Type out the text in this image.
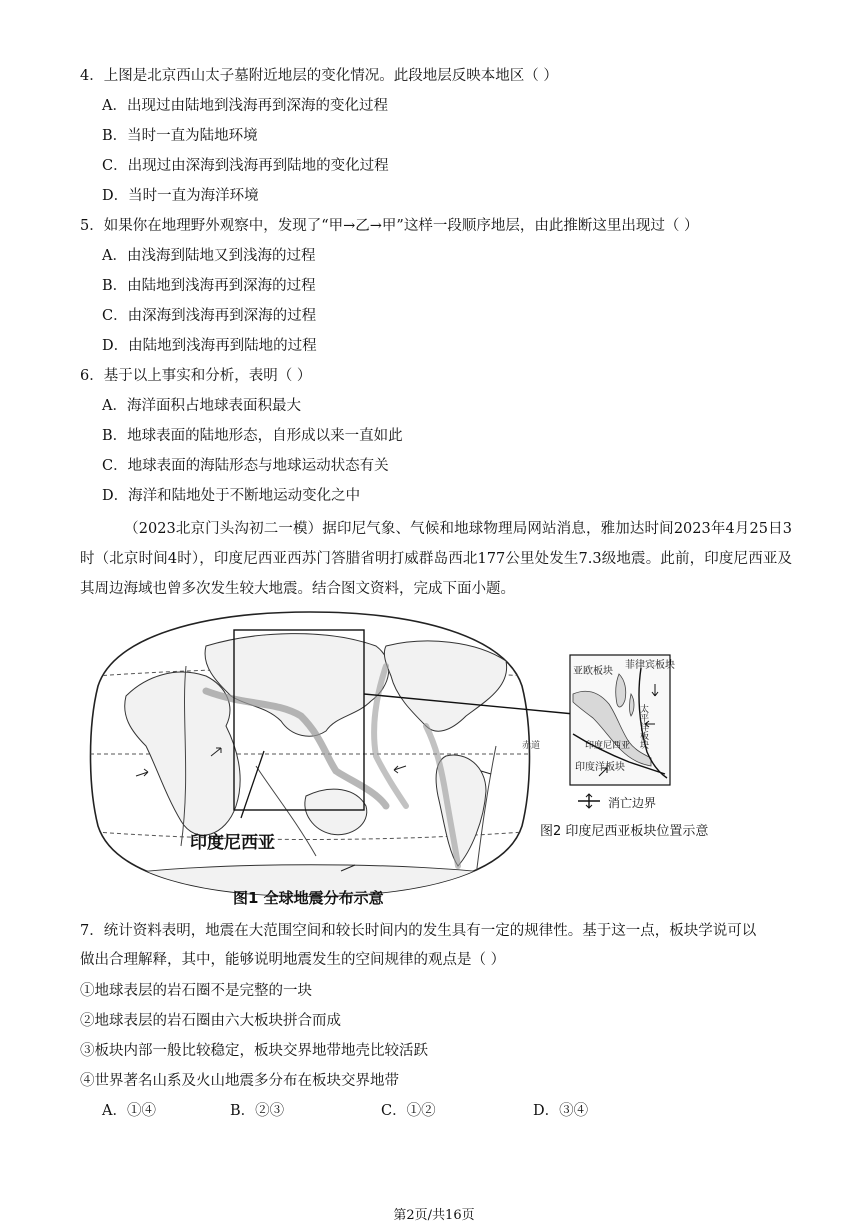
4．上图是北京西山太子墓附近地层的变化情况。此段地层反映本地区（ ）
A．出现过由陆地到浅海再到深海的变化过程
B．当时一直为陆地环境
C．出现过由深海到浅海再到陆地的变化过程
D．当时一直为海洋环境
5．如果你在地理野外观察中，发现了“甲→乙→甲”这样一段顺序地层，由此推断这里出现过（ ）
A．由浅海到陆地又到浅海的过程
B．由陆地到浅海再到深海的过程
C．由深海到浅海再到深海的过程
D．由陆地到浅海再到陆地的过程
6．基于以上事实和分析，表明（ ）
A．海洋面积占地球表面积最大
B．地球表面的陆地形态，自形成以来一直如此
C．地球表面的海陆形态与地球运动状态有关
D．海洋和陆地处于不断地运动变化之中
（2023北京门头沟初二一模）据印尼气象、气候和地球物理局网站消息，雅加达时间2023年4月25日3时（北京时间4时），印度尼西亚西苏门答腊省明打威群岛西北177公里处发生7.3级地震。此前，印度尼西亚及其周边海域也曾多次发生较大地震。结合图文资料，完成下面小题。
赤道
印度尼西亚
图1 全球地震分布示意
亚欧板块
菲律宾板块
太平洋板块
印度尼西亚
印度洋板块
消亡边界
图2 印度尼西亚板块位置示意
7．统计资料表明，地震在大范围空间和较长时间内的发生具有一定的规律性。基于这一点，板块学说可以
做出合理解释，其中，能够说明地震发生的空间规律的观点是（ ）
①地球表层的岩石圈不是完整的一块
②地球表层的岩石圈由六大板块拼合而成
③板块内部一般比较稳定，板块交界地带地壳比较活跃
④世界著名山系及火山地震多分布在板块交界地带
A．①④	B．②③	C．①②	D．③④
第2页/共16页
